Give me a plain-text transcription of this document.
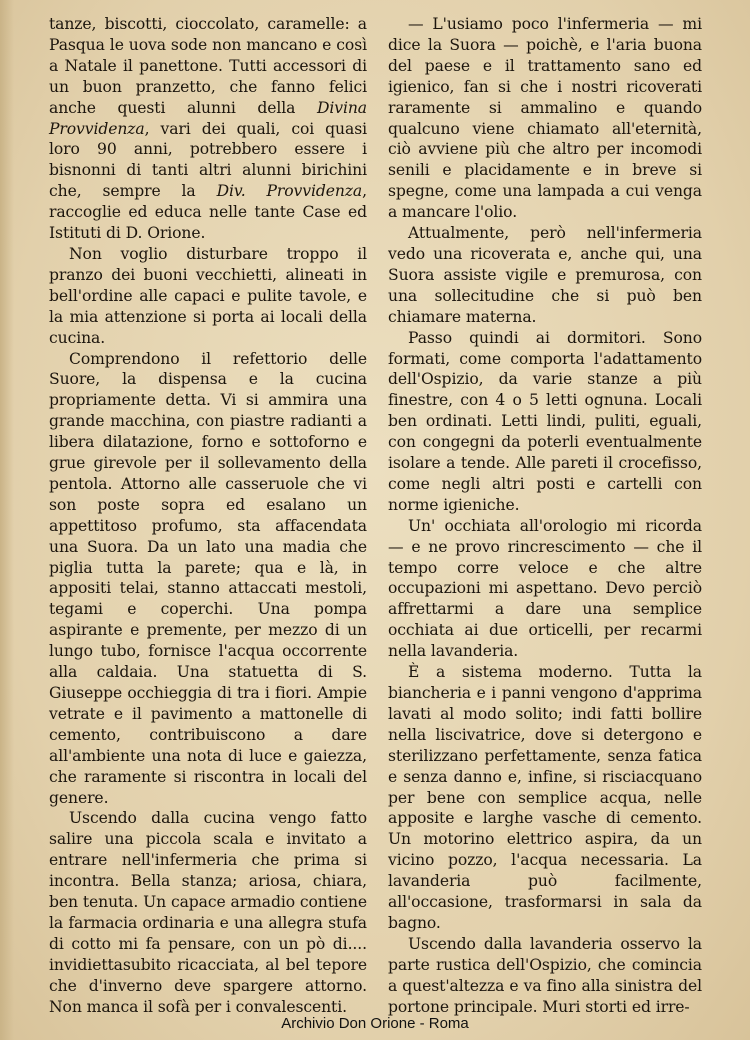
tanze, biscotti, cioccolato, caramelle: a Pasqua le uova sode non mancano e così a Natale il panettone. Tutti accessori di un buon pranzetto, che fanno felici anche questi alunni della Divina Provvidenza, vari dei quali, coi quasi loro 90 anni, potrebbero essere i bisnonni di tanti altri alunni birichini che, sempre la Div. Provvidenza, raccoglie ed educa nelle tante Case ed Istituti di D. Orione.

Non voglio disturbare troppo il pranzo dei buoni vecchietti, alineati in bell'ordine alle capaci e pulite tavole, e la mia attenzione si porta ai locali della cucina.

Comprendono il refettorio delle Suore, la dispensa e la cucina propriamente detta. Vi si ammira una grande macchina, con piastre radianti a libera dilatazione, forno e sottoforno e grue girevole per il sollevamento della pentola. Attorno alle casseruole che vi son poste sopra ed esalano un appettitoso profumo, sta affacendata una Suora. Da un lato una madia che piglia tutta la parete; qua e là, in appositi telai, stanno attaccati mestoli, tegami e coperchi. Una pompa aspirante e premente, per mezzo di un lungo tubo, fornisce l'acqua occorrente alla caldaia. Una statuetta di S. Giuseppe occhieggia di tra i fiori. Ampie vetrate e il pavimento a mattonelle di cemento, contribuiscono a dare all'ambiente una nota di luce e gaiezza, che raramente si riscontra in locali del genere.

Uscendo dalla cucina vengo fatto salire una piccola scala e invitato a entrare nell'infermeria che prima si incontra. Bella stanza; ariosa, chiara, ben tenuta. Un capace armadio contiene la farmacia ordinaria e una allegra stufa di cotto mi fa pensare, con un pò di.... invidiettasubito ricacciata, al bel tepore che d'inverno deve spargere attorno. Non manca il sofà per i convalescenti.

— L'usiamo poco l'infermeria — mi dice la Suora — poichè, e l'aria buona del paese e il trattamento sano ed igienico, fan si che i nostri ricoverati raramente si ammalino e quando qualcuno viene chiamato all'eternità, ciò avviene più che altro per incomodi senili e placidamente e in breve si spegne, come una lampada a cui venga a mancare l'olio.

Attualmente, però nell'infermeria vedo una ricoverata e, anche qui, una Suora assiste vigile e premurosa, con una sollecitudine che si può ben chiamare materna.

Passo quindi ai dormitori. Sono formati, come comporta l'adattamento dell'Ospizio, da varie stanze a più finestre, con 4 o 5 letti ognuna. Locali ben ordinati. Letti lindi, puliti, eguali, con congegni da poterli eventualmente isolare a tende. Alle pareti il crocefisso, come negli altri posti e cartelli con norme igieniche.

Un' occhiata all'orologio mi ricorda — e ne provo rincrescimento — che il tempo corre veloce e che altre occupazioni mi aspettano. Devo perciò affrettarmi a dare una semplice occhiata ai due orticelli, per recarmi nella lavanderia.

È a sistema moderno. Tutta la biancheria e i panni vengono d'apprima lavati al modo solito; indi fatti bollire nella liscivatrice, dove si detergono e sterilizzano perfettamente, senza fatica e senza danno e, infine, si risciacquano per bene con semplice acqua, nelle apposite e larghe vasche di cemento. Un motorino elettrico aspira, da un vicino pozzo, l'acqua necessaria. La lavanderia può facilmente, all'occasione, trasformarsi in sala da bagno.

Uscendo dalla lavanderia osservo la parte rustica dell'Ospizio, che comincia a quest'altezza e va fino alla sinistra del portone principale. Muri storti ed irre-

Archivio Don Orione - Roma
